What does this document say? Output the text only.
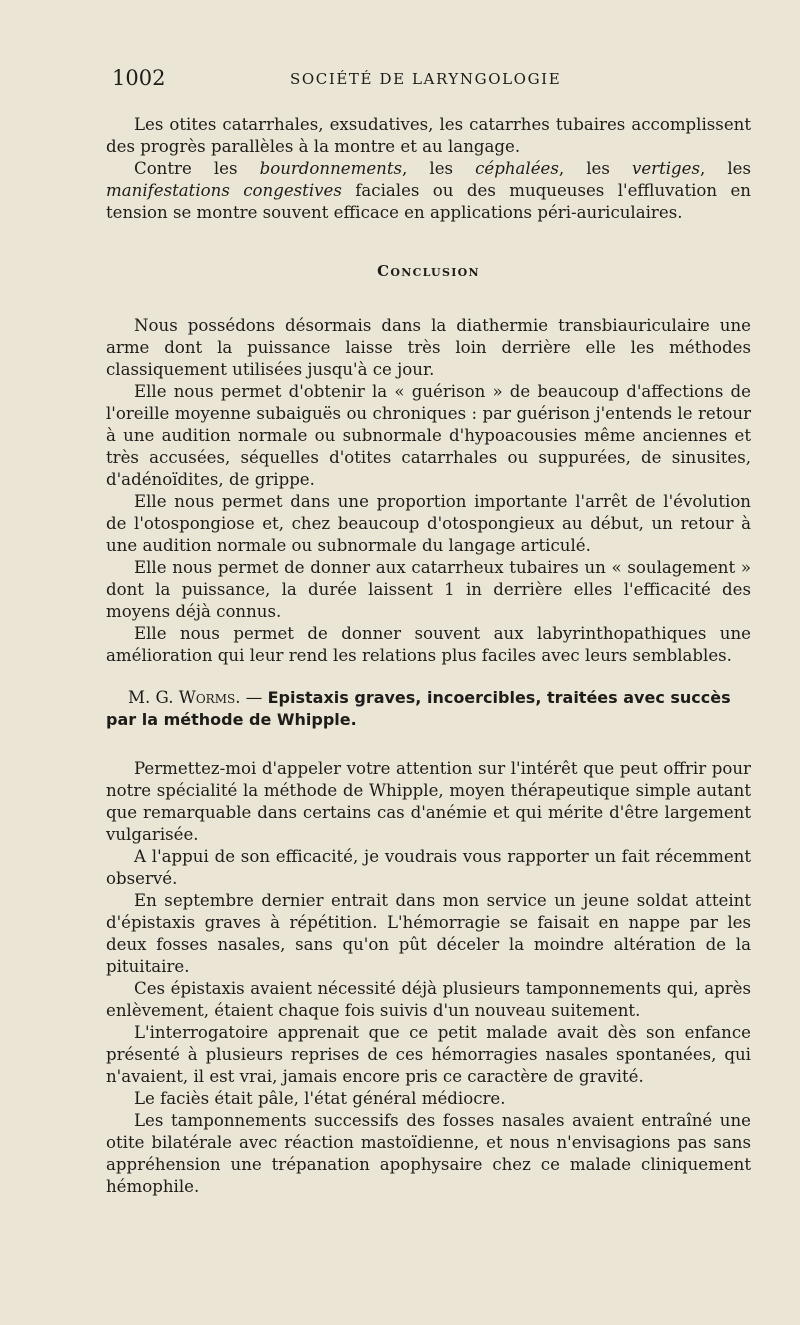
1002	SOCIÉTÉ DE LARYNGOLOGIE

Les otites catarrhales, exsudatives, les catarrhes tubaires accomplissent des progrès parallèles à la montre et au langage.

Contre les bourdonnements, les céphalées, les vertiges, les manifestations congestives faciales ou des muqueuses l'effluvation en tension se montre souvent efficace en applications péri-auriculaires.

Conclusion

Nous possédons désormais dans la diathermie transbiauriculaire une arme dont la puissance laisse très loin derrière elle les méthodes classiquement utilisées jusqu'à ce jour.

Elle nous permet d'obtenir la « guérison » de beaucoup d'affections de l'oreille moyenne subaiguës ou chroniques : par guérison j'entends le retour à une audition normale ou subnormale d'hypoacousies même anciennes et très accusées, séquelles d'otites catarrhales ou suppurées, de sinusites, d'adénoïdites, de grippe.

Elle nous permet dans une proportion importante l'arrêt de l'évolution de l'otospongiose et, chez beaucoup d'otospongieux au début, un retour à une audition normale ou subnormale du langage articulé.

Elle nous permet de donner aux catarrheux tubaires un « soulagement » dont la puissance, la durée laissent 1 in derrière elles l'efficacité des moyens déjà connus.

Elle nous permet de donner souvent aux labyrinthopathiques une amélioration qui leur rend les relations plus faciles avec leurs semblables.

M. G. Worms. — Epistaxis graves, incoercibles, traitées avec succès par la méthode de Whipple.

Permettez-moi d'appeler votre attention sur l'intérêt que peut offrir pour notre spécialité la méthode de Whipple, moyen thérapeutique simple autant que remarquable dans certains cas d'anémie et qui mérite d'être largement vulgarisée.

A l'appui de son efficacité, je voudrais vous rapporter un fait récemment observé.

En septembre dernier entrait dans mon service un jeune soldat atteint d'épistaxis graves à répétition. L'hémorragie se faisait en nappe par les deux fosses nasales, sans qu'on pût déceler la moindre altération de la pituitaire.

Ces épistaxis avaient nécessité déjà plusieurs tamponnements qui, après enlèvement, étaient chaque fois suivis d'un nouveau suitement.

L'interrogatoire apprenait que ce petit malade avait dès son enfance présenté à plusieurs reprises de ces hémorragies nasales spontanées, qui n'avaient, il est vrai, jamais encore pris ce caractère de gravité.

Le faciès était pâle, l'état général médiocre.

Les tamponnements successifs des fosses nasales avaient entraîné une otite bilatérale avec réaction mastoïdienne, et nous n'envisagions pas sans appréhension une trépanation apophysaire chez ce malade cliniquement hémophile.
